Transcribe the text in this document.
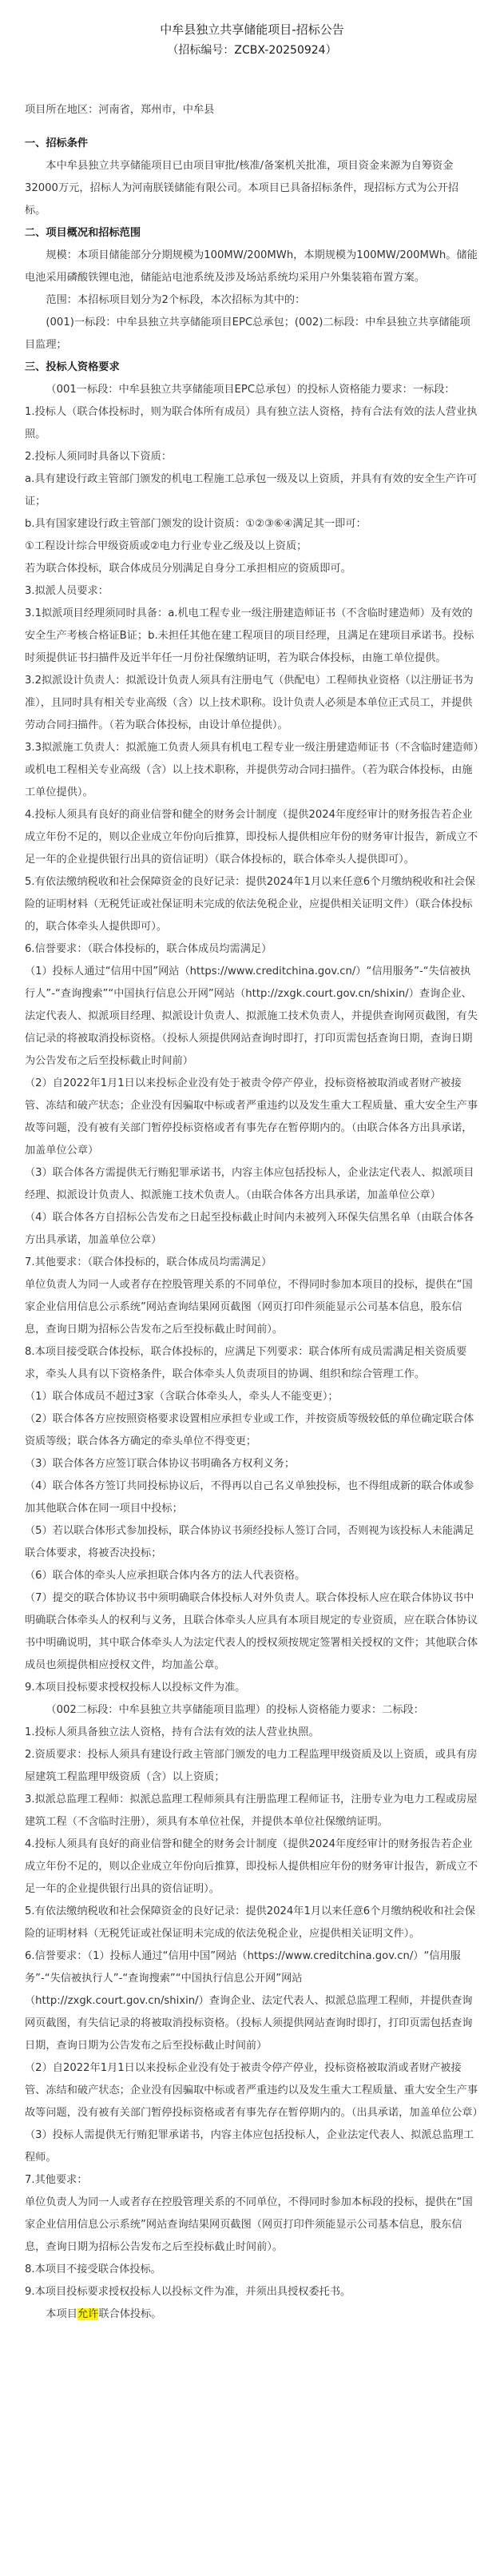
中牟县独立共享储能项目-招标公告
（招标编号：ZCBX-20250924）

项目所在地区：河南省，郑州市，中牟县

一、招标条件

本中牟县独立共享储能项目已由项目审批/核准/备案机关批准，项目资金来源为自筹资金32000万元，招标人为河南朕镁储能有限公司。本项目已具备招标条件，现招标方式为公开招标。

二、项目概况和招标范围

规模：本项目储能部分分期规模为100MW/200MWh，本期规模为100MW/200MWh。储能电池采用磷酸铁锂电池，储能站电池系统及涉及场站系统均采用户外集装箱布置方案。

范围：本招标项目划分为2个标段，本次招标为其中的：

(001)一标段：中牟县独立共享储能项目EPC总承包；(002)二标段：中牟县独立共享储能项目监理；

三、投标人资格要求

（001一标段：中牟县独立共享储能项目EPC总承包）的投标人资格能力要求：一标段：

1.投标人（联合体投标时，则为联合体所有成员）具有独立法人资格，持有合法有效的法人营业执照。

2.投标人须同时具备以下资质：

a.具有建设行政主管部门颁发的机电工程施工总承包一级及以上资质，并具有有效的安全生产许可证；

b.具有国家建设行政主管部门颁发的设计资质：①②③⑥④满足其一即可：

①工程设计综合甲级资质或②电力行业专业乙级及以上资质；

若为联合体投标，联合体成员分别满足自身分工承担相应的资质即可。

3.拟派人员要求：

3.1拟派项目经理须同时具备：a.机电工程专业一级注册建造师证书（不含临时建造师）及有效的安全生产考核合格证B证；b.未担任其他在建工程项目的项目经理，且满足在建项目承诺书。投标时须提供证书扫描件及近半年任一月份社保缴纳证明，若为联合体投标，由施工单位提供。

3.2拟派设计负责人：拟派设计负责人须具有注册电气（供配电）工程师执业资格（以注册证书为准），且同时具有相关专业高级（含）以上技术职称。设计负责人必须是本单位正式员工，并提供劳动合同扫描件。（若为联合体投标，由设计单位提供）。

3.3拟派施工负责人：拟派施工负责人须具有机电工程专业一级注册建造师证书（不含临时建造师）或机电工程相关专业高级（含）以上技术职称，并提供劳动合同扫描件。（若为联合体投标，由施工单位提供）。

4.投标人须具有良好的商业信誉和健全的财务会计制度（提供2024年度经审计的财务报告若企业成立年份不足的，则以企业成立年份向后推算，即投标人提供相应年份的财务审计报告，新成立不足一年的企业提供银行出具的资信证明）（联合体投标的，联合体牵头人提供即可）。

5.有依法缴纳税收和社会保障资金的良好记录：提供2024年1月以来任意6个月缴纳税收和社会保险的证明材料（无税凭证或社保证明未完成的依法免税企业，应提供相关证明文件）（联合体投标的，联合体牵头人提供即可）。

6.信誉要求：（联合体投标的，联合体成员均需满足）

（1）投标人通过“信用中国”网站（https://www.creditchina.gov.cn/）“信用服务”-“失信被执行人”-“查询搜索”“中国执行信息公开网”网站（http://zxgk.court.gov.cn/shixin/）查询企业、法定代表人、拟派项目经理、拟派设计负责人、拟派施工技术负责人，并提供查询网页截图，有失信记录的将被取消投标资格。（投标人须提供网站查询时即打，打印页需包括查询日期，查询日期为公告发布之后至投标截止时间前）

（2）自2022年1月1日以来投标企业没有处于被责令停产停业，投标资格被取消或者财产被接管、冻结和破产状态；企业没有因骗取中标或者严重违约以及发生重大工程质量、重大安全生产事故等问题，没有被有关部门暂停投标资格或者有事先存在暂停期内的。（由联合体各方出具承诺，加盖单位公章）

（3）联合体各方需提供无行贿犯罪承诺书，内容主体应包括投标人，企业法定代表人、拟派项目经理、拟派设计负责人、拟派施工技术负责人。（由联合体各方出具承诺，加盖单位公章）

（4）联合体各方自招标公告发布之日起至投标截止时间内未被列入环保失信黑名单（由联合体各方出具承诺，加盖单位公章）

7.其他要求：（联合体投标的，联合体成员均需满足）

单位负责人为同一人或者存在控股管理关系的不同单位，不得同时参加本项目的投标，提供在“国家企业信用信息公示系统”网站查询结果网页截图（网页打印件须能显示公司基本信息，股东信息，查询日期为招标公告发布之后至投标截止时间前）。

8.本项目接受联合体投标，联合体投标的，应满足下列要求：联合体所有成员需满足相关资质要求，牵头人具有以下资格条件，联合体牵头人负责项目的协调、组织和综合管理工作。

（1）联合体成员不超过3家（含联合体牵头人，牵头人不能变更）；

（2）联合体各方应按照资格要求设置相应承担专业或工作，并按资质等级较低的单位确定联合体资质等级；联合体各方确定的牵头单位不得变更；

（3）联合体各方应签订联合体协议书明确各方权利义务；

（4）联合体各方签订共同投标协议后，不得再以自己名义单独投标，也不得组成新的联合体或参加其他联合体在同一项目中投标；

（5）若以联合体形式参加投标，联合体协议书须经投标人签订合同，否则视为该投标人未能满足联合体要求，将被否决投标；

（6）联合体的牵头人应承担联合体内各方的法人代表资格。

（7）提交的联合体协议书中须明确联合体投标人对外负责人。联合体投标人应在联合体协议书中明确联合体牵头人的权利与义务，且联合体牵头人应具有本项目规定的专业资质，应在联合体协议书中明确说明，其中联合体牵头人为法定代表人的授权须按规定签署相关授权的文件；其他联合体成员也须提供相应授权文件，均加盖公章。

9.本项目投标要求授权投标人以投标文件为准。

（002二标段：中牟县独立共享储能项目监理）的投标人资格能力要求：二标段：

1.投标人须具备独立法人资格，持有合法有效的法人营业执照。

2.资质要求：投标人须具有建设行政主管部门颁发的电力工程监理甲级资质及以上资质，或具有房屋建筑工程监理甲级资质（含）以上资质；

3.拟派总监理工程师：拟派总监理工程师须具有注册监理工程师证书，注册专业为电力工程或房屋建筑工程（不含临时注册），须具有本单位社保，并提供本单位社保缴纳证明。

4.投标人须具有良好的商业信誉和健全的财务会计制度（提供2024年度经审计的财务报告若企业成立年份不足的，则以企业成立年份向后推算，即投标人提供相应年份的财务审计报告，新成立不足一年的企业提供银行出具的资信证明）。

5.有依法缴纳税收和社会保障资金的良好记录：提供2024年1月以来任意6个月缴纳税收和社会保险的证明材料（无税凭证或社保证明未完成的依法免税企业，应提供相关证明文件）。

6.信誉要求：（1）投标人通过“信用中国”网站（https://www.creditchina.gov.cn/）“信用服务”-“失信被执行人”-“查询搜索”“中国执行信息公开网”网站（http://zxgk.court.gov.cn/shixin/）查询企业、法定代表人、拟派总监理工程师，并提供查询网页截图，有失信记录的将被取消投标资格。（投标人须提供网站查询时即打，打印页需包括查询日期，查询日期为公告发布之后至投标截止时间前）

（2）自2022年1月1日以来投标企业没有处于被责令停产停业，投标资格被取消或者财产被接管、冻结和破产状态；企业没有因骗取中标或者严重违约以及发生重大工程质量、重大安全生产事故等问题，没有被有关部门暂停投标资格或者有事先存在暂停期内的。（出具承诺，加盖单位公章）

（3）投标人需提供无行贿犯罪承诺书，内容主体应包括投标人，企业法定代表人、拟派总监理工程师。

7.其他要求：

单位负责人为同一人或者存在控股管理关系的不同单位，不得同时参加本标段的投标，提供在“国家企业信用信息公示系统”网站查询结果网页截图（网页打印件须能显示公司基本信息，股东信息，查询日期为招标公告发布之后至投标截止时间前）。

8.本项目不接受联合体投标。

9.本项目投标要求授权投标人以投标文件为准，并须出具授权委托书。

本项目允许联合体投标。
